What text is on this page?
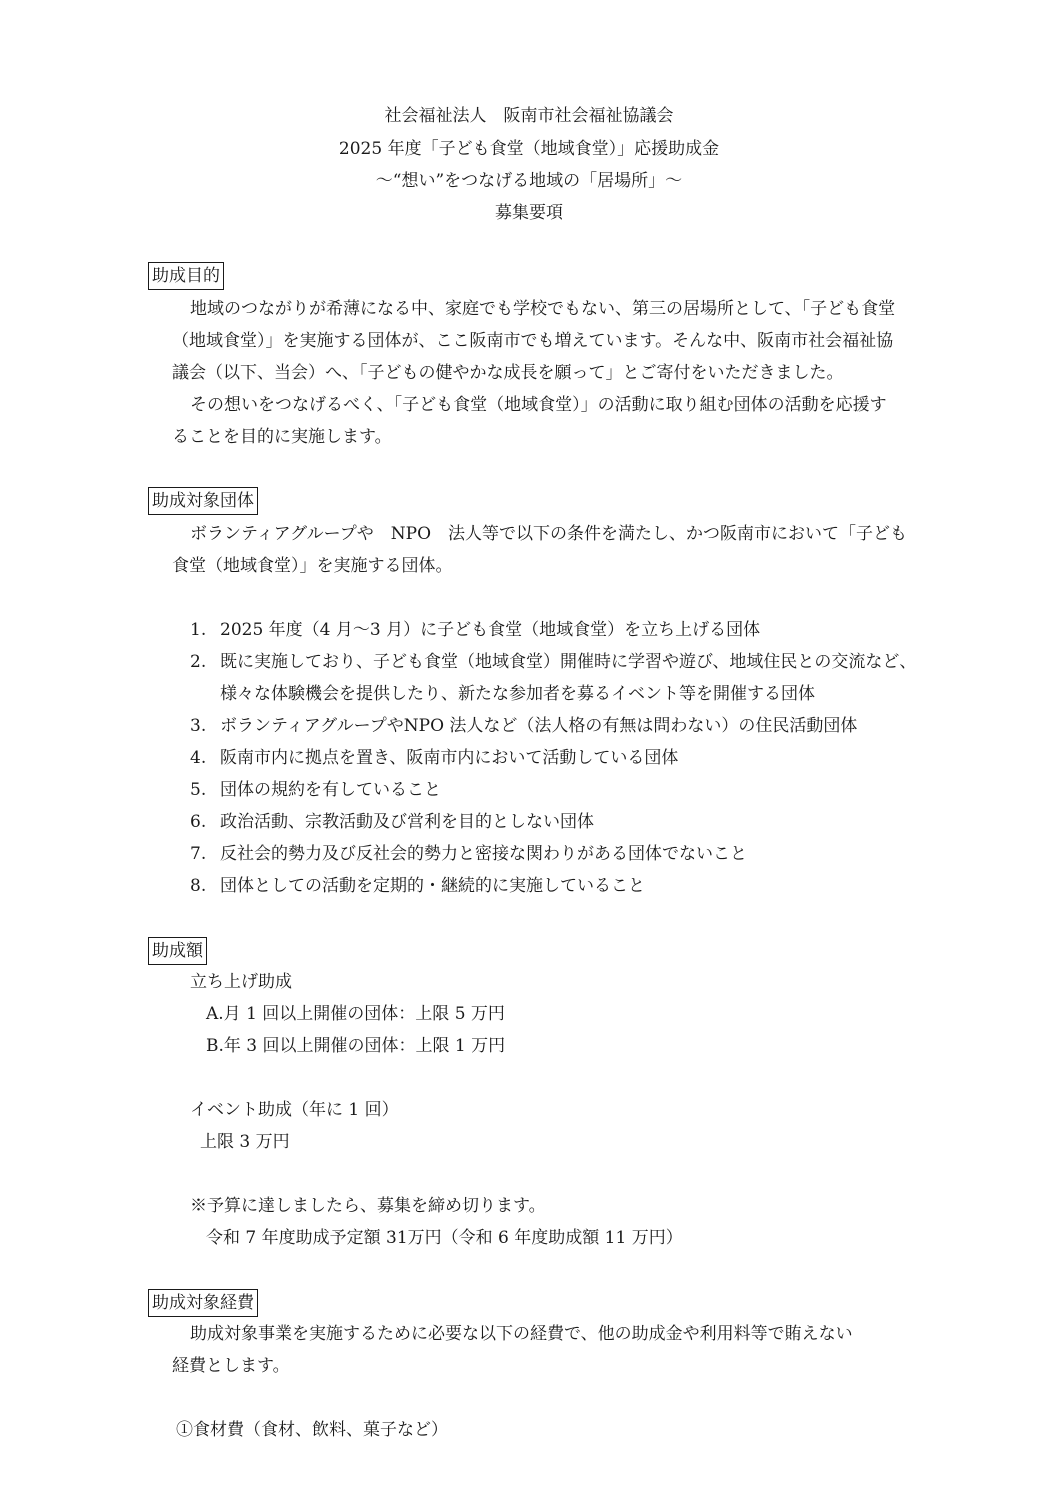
社会福祉法人　阪南市社会福祉協議会
2025 年度「子ども食堂（地域食堂）」応援助成金
～“想い”をつなげる地域の「居場所」～
募集要項
助成目的
地域のつながりが希薄になる中、家庭でも学校でもない、第三の居場所として、「子ども食堂
（地域食堂）」を実施する団体が、ここ阪南市でも増えています。そんな中、阪南市社会福祉協
議会（以下、当会）へ、「子どもの健やかな成長を願って」とご寄付をいただきました。
その想いをつなげるべく、「子ども食堂（地域食堂）」の活動に取り組む団体の活動を応援す
ることを目的に実施します。
助成対象団体
ボランティアグループや　NPO　法人等で以下の条件を満たし、かつ阪南市において「子ども
食堂（地域食堂）」を実施する団体。
1. 2025 年度（4 月～3 月）に子ども食堂（地域食堂）を立ち上げる団体
2. 既に実施しており、子ども食堂（地域食堂）開催時に学習や遊び、地域住民との交流など、
様々な体験機会を提供したり、新たな参加者を募るイベント等を開催する団体
3. ボランティアグループやNPO 法人など（法人格の有無は問わない）の住民活動団体
4. 阪南市内に拠点を置き、阪南市内において活動している団体
5. 団体の規約を有していること
6. 政治活動、宗教活動及び営利を目的としない団体
7. 反社会的勢力及び反社会的勢力と密接な関わりがある団体でないこと
8. 団体としての活動を定期的・継続的に実施していること
助成額
立ち上げ助成
A.月 1 回以上開催の団体：上限 5 万円
B.年 3 回以上開催の団体：上限 1 万円
イベント助成（年に 1 回）
上限 3 万円
※予算に達しましたら、募集を締め切ります。
令和 7 年度助成予定額 31万円（令和 6 年度助成額 11 万円）
助成対象経費
助成対象事業を実施するために必要な以下の経費で、他の助成金や利用料等で賄えない
経費とします。
①食材費（食材、飲料、菓子など）
